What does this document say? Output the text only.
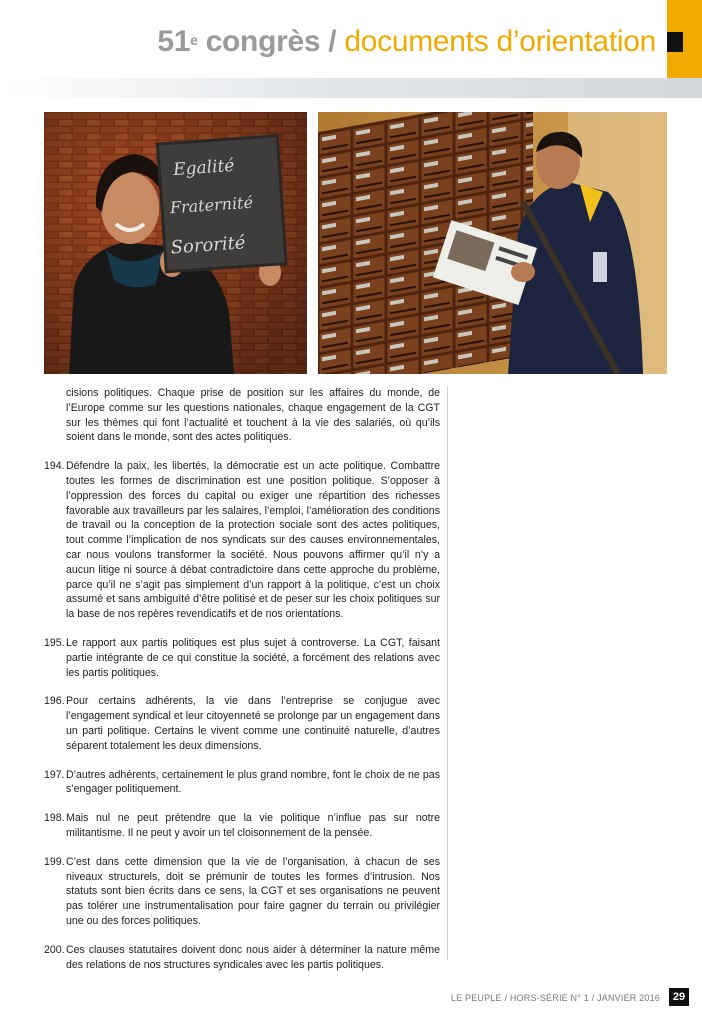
51e congrès / documents d’orientation
Egalité
Fraternité
Sororité

cisions politiques. Chaque prise de position sur les affaires du monde, de l’Europe comme sur les questions nationales, chaque engagement de la CGT sur les thèmes qui font l’actualité et touchent à la vie des salariés, où qu’ils soient dans le monde, sont des actes politiques.

194. Défendre la paix, les libertés, la démocratie est un acte politique. Combattre toutes les formes de discrimination est une position politique. S’opposer à l’oppression des forces du capital ou exiger une répartition des richesses favorable aux travailleurs par les salaires, l’emploi, l’amélioration des conditions de travail ou la conception de la protection sociale sont des actes politiques, tout comme l’implication de nos syndicats sur des causes environnementales, car nous voulons transformer la société. Nous pouvons affirmer qu’il n’y a aucun litige ni source à débat contradictoire dans cette approche du problème, parce qu’il ne s’agit pas simplement d’un rapport à la politique, c’est un choix assumé et sans ambiguïté d’être politisé et de peser sur les choix politiques sur la base de nos repères revendicatifs et de nos orientations.
195. Le rapport aux partis politiques est plus sujet à controverse. La CGT, faisant partie intégrante de ce qui constitue la société, a forcément des relations avec les partis politiques.
196. Pour certains adhérents, la vie dans l’entreprise se conjugue avec l’engagement syndical et leur citoyenneté se prolonge par un engagement dans un parti politique. Certains le vivent comme une continuité naturelle, d’autres séparent totalement les deux dimensions.
197. D’autres adhérents, certainement le plus grand nombre, font le choix de ne pas s’engager politiquement.
198. Mais nul ne peut prétendre que la vie politique n’influe pas sur notre militantisme. Il ne peut y avoir un tel cloisonnement de la pensée.
199. C’est dans cette dimension que la vie de l’organisation, à chacun de ses niveaux structurels, doit se prémunir de toutes les formes d’intrusion. Nos statuts sont bien écrits dans ce sens, la CGT et ses organisations ne peuvent pas tolérer une instrumentalisation pour faire gagner du terrain ou privilégier une ou des forces politiques.
200. Ces clauses statutaires doivent donc nous aider à déterminer la nature même des relations de nos structures syndicales avec les partis politiques.
LE PEUPLE / HORS-SÉRIE N° 1 / JANVIER 2016	29
